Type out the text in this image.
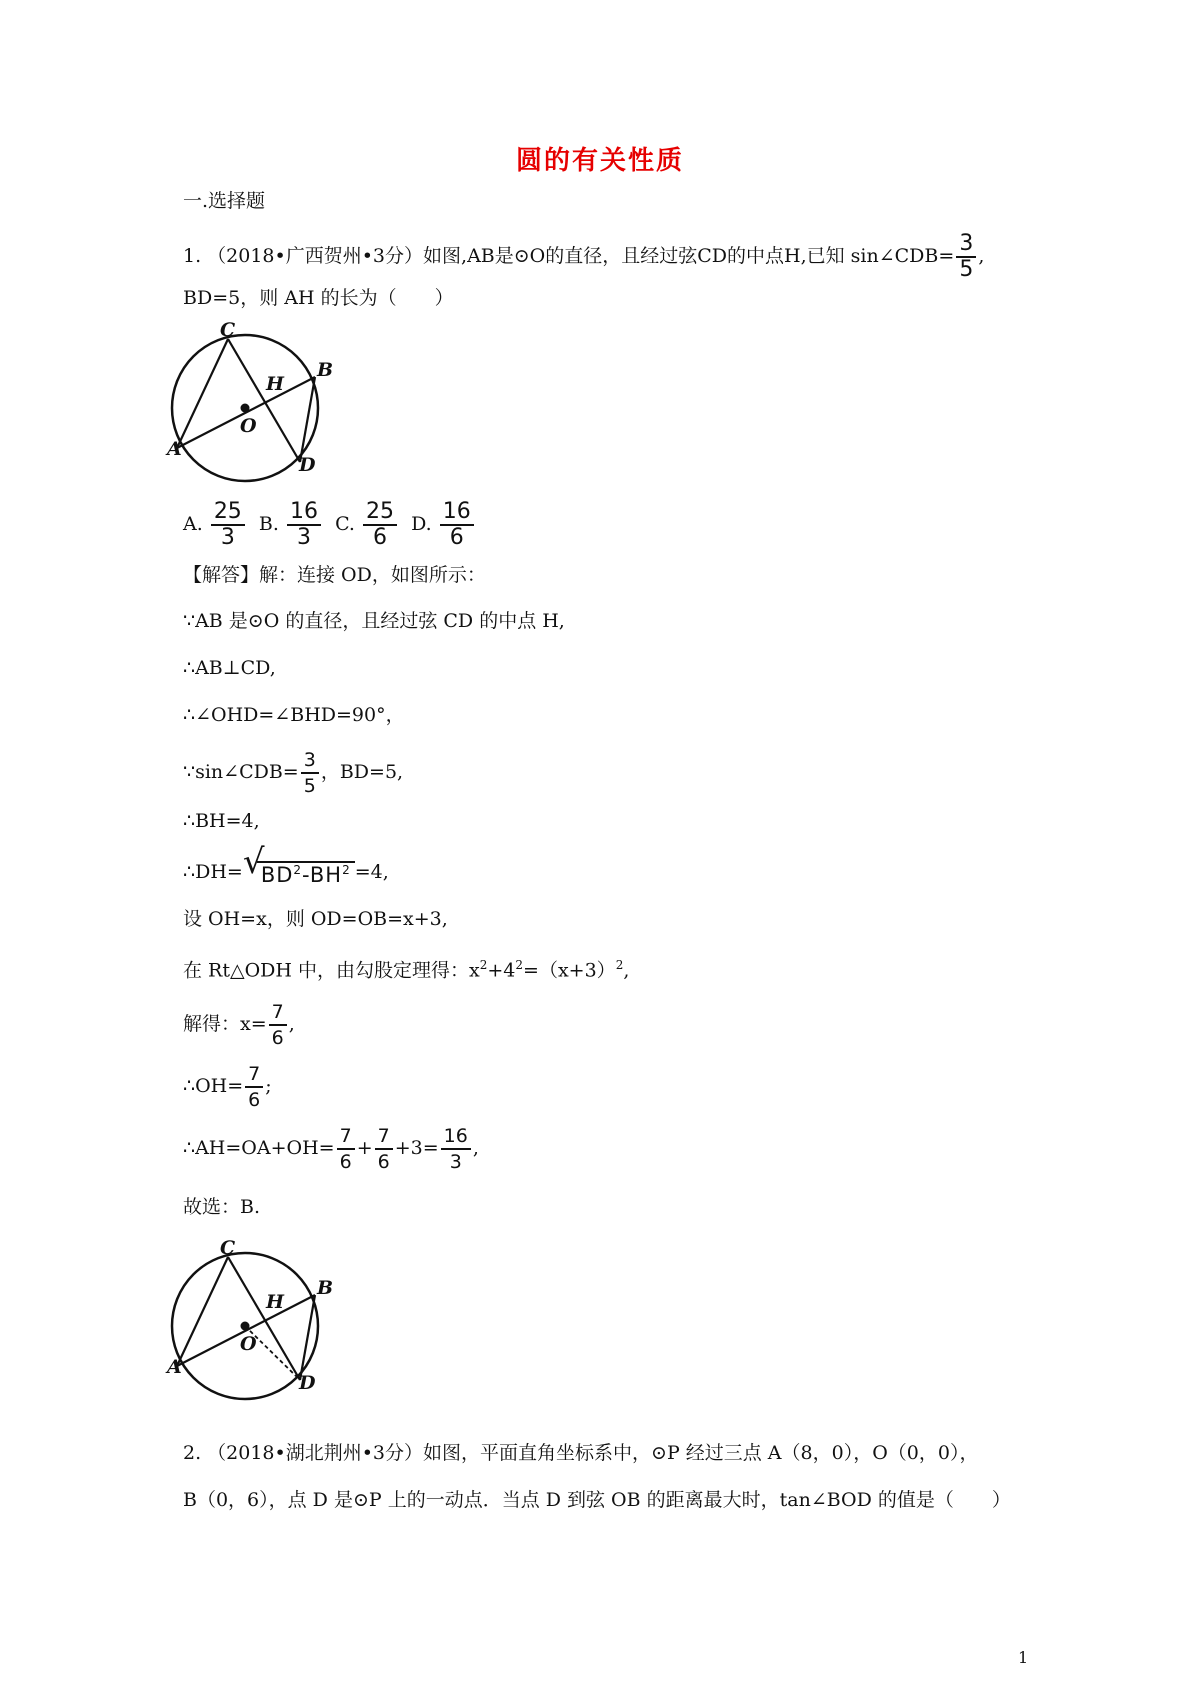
圆的有关性质
一.选择题
1. （2018•广西贺州•3分）如图,AB是⊙O的直径，且经过弦CD的中点H,已知 sin∠CDB= $\frac{3}{5}$ ,
BD=5，则 AH 的长为（　　）
C
B
H
O
A
D
A. $\frac{25}{3} B$. $\frac{16}{3} C$. $\frac{25}{6} D$. $\frac{16}{6}$
【解答】解：连接 OD，如图所示：
∵AB 是⊙O 的直径，且经过弦 CD 的中点 H,
∴AB⊥CD,
∴∠OHD=∠BHD=90°，
∵sin∠CDB= $\frac{3}{5}$ ，BD=5,
∴BH=4,
∴DH= √
$BD^2-BH^2 =4$,
设 OH=x，则 OD=OB=x+3,
在 Rt△ODH 中，由勾股定理得：$x^2+4^2=(x+3)^2$,
解得：$x= \frac{7}{6}$ ,
∴OH= $\frac{7}{6}$ ;
∴AH=OA+OH= $\frac{7}{6} + \frac{7}{6} +3= \frac{16}{3}$ ,
故选：B.
C
B
H
O
A
D
2. （2018•湖北荆州•3分）如图，平面直角坐标系中，⊙P 经过三点 A（8，0），O（0，0），
B（0，6），点 D 是⊙P 上的一动点．当点 D 到弦 OB 的距离最大时，tan∠BOD 的值是（　　）
1
